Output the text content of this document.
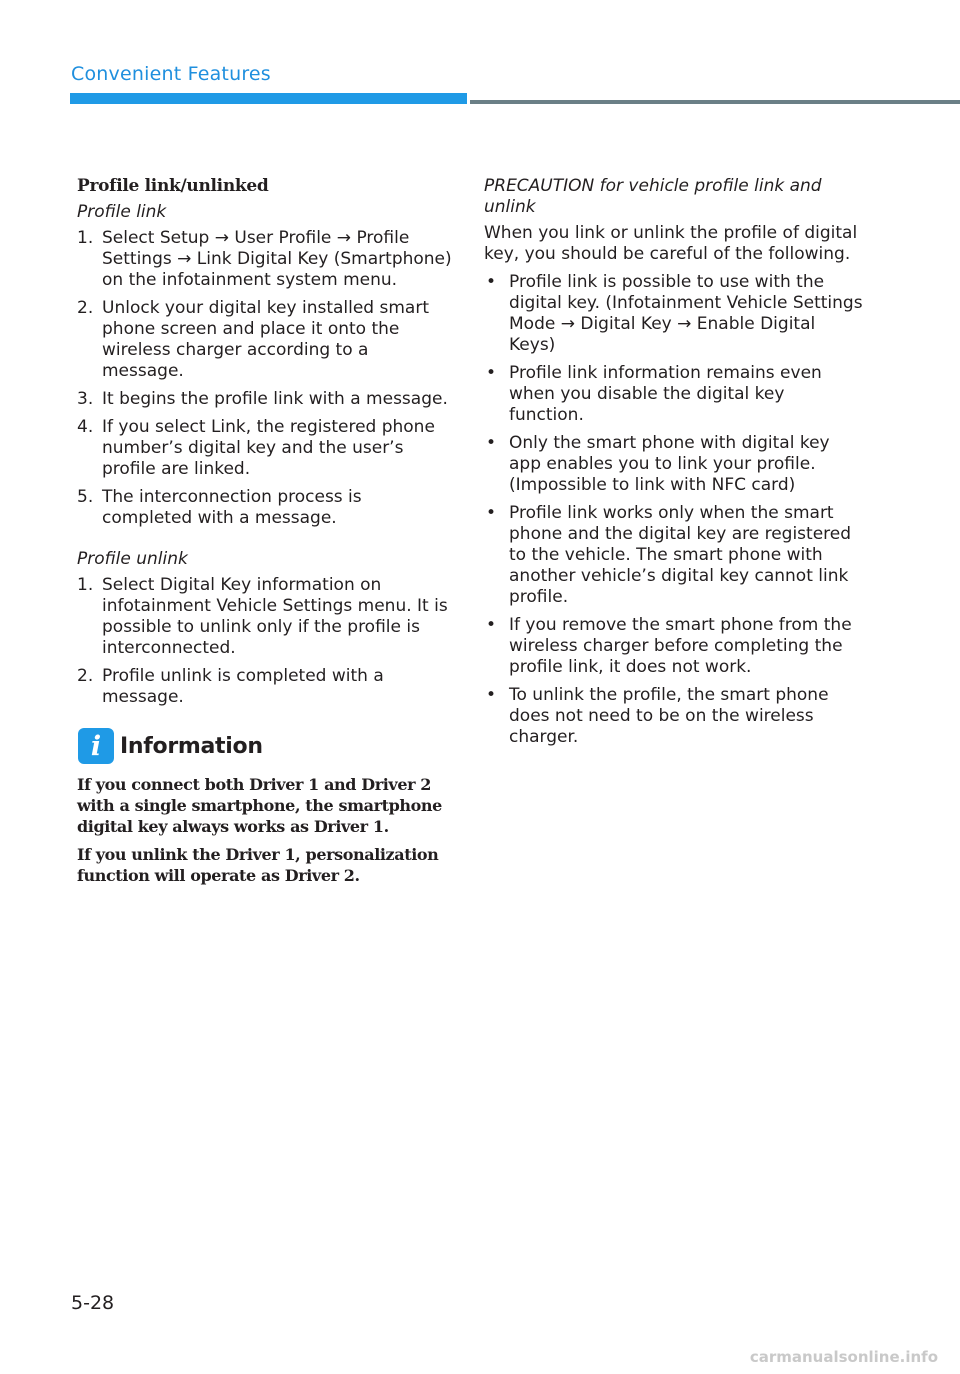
Convenient Features
Profile link/unlinked
Profile link
1. Select Setup → User Profile → Profile Settings → Link Digital Key (Smartphone) on the infotainment system menu.
2. Unlock your digital key installed smart phone screen and place it onto the wireless charger according to a message.
3. It begins the profile link with a message.
4. If you select Link, the registered phone number’s digital key and the user’s profile are linked.
5. The interconnection process is completed with a message.
Profile unlink
1. Select Digital Key information on infotainment Vehicle Settings menu. It is possible to unlink only if the profile is interconnected.
2. Profile unlink is completed with a message.
i Information

If you connect both Driver 1 and Driver 2 with a single smartphone, the smartphone digital key always works as Driver 1.

If you unlink the Driver 1, personalization function will operate as Driver 2.

PRECAUTION for vehicle profile link and unlink

When you link or unlink the profile of digital key, you should be careful of the following.

• Profile link is possible to use with the digital key. (Infotainment Vehicle Settings Mode → Digital Key → Enable Digital Keys)
• Profile link information remains even when you disable the digital key function.
• Only the smart phone with digital key app enables you to link your profile. (Impossible to link with NFC card)
• Profile link works only when the smart phone and the digital key are registered to the vehicle. The smart phone with another vehicle’s digital key cannot link profile.
• If you remove the smart phone from the wireless charger before completing the profile link, it does not work.
• To unlink the profile, the smart phone does not need to be on the wireless charger.
5-28
carmanualsonline.info
